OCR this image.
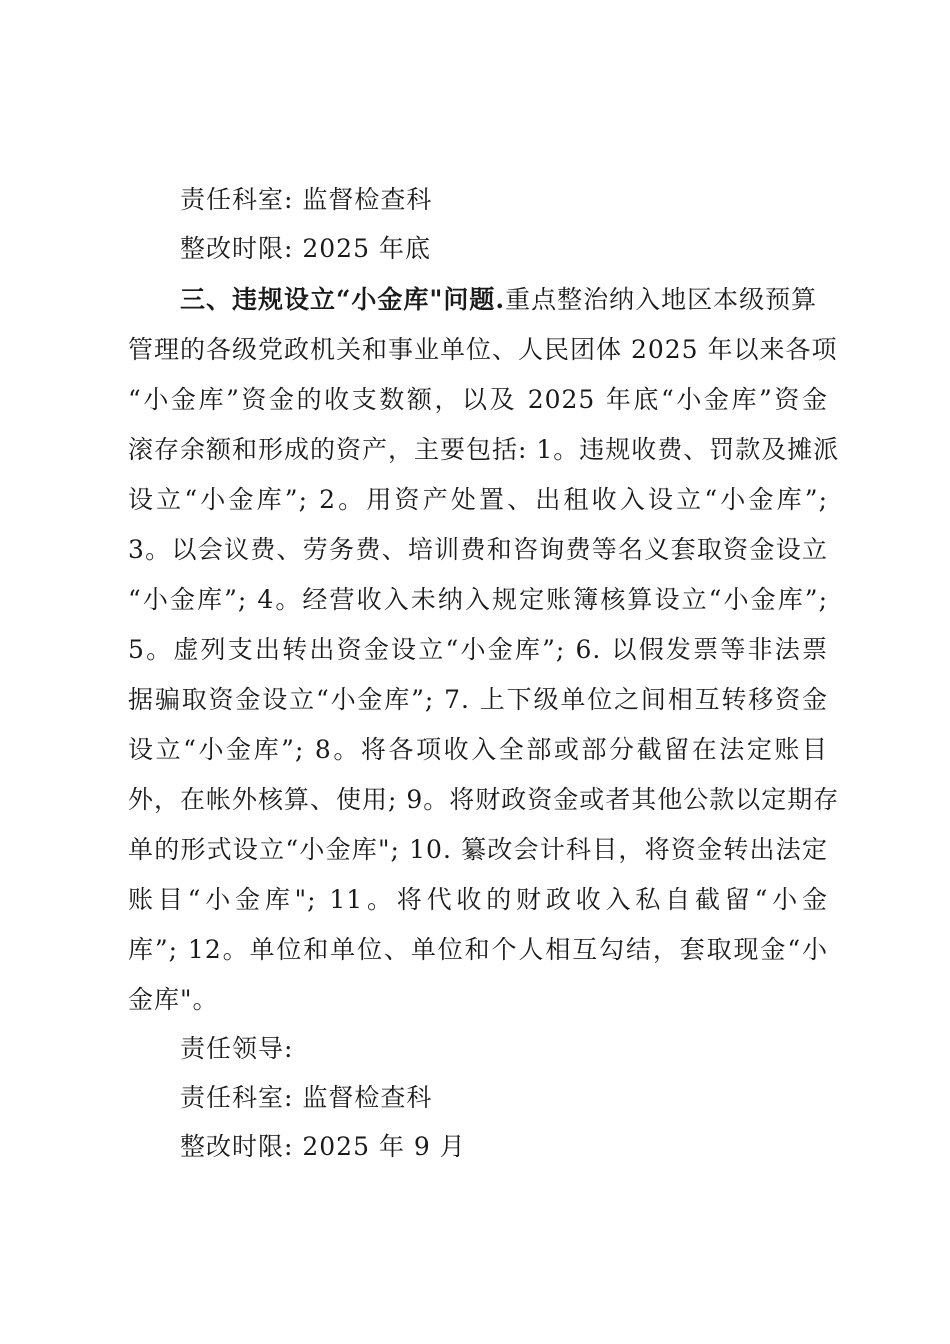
责任科室: 监督检查科
整改时限: 2025 年底
三、违规设立“小金库"问题.重点整治纳入地区本级预算
管理的各级党政机关和事业单位、人民团体 2025 年以来各项
“小金库”资金的收支数额，以及 2025 年底“小金库”资金
滚存余额和形成的资产，主要包括: 1。违规收费、罚款及摊派
设立“小金库”; 2。用资产处置、出租收入设立“小金库”;
3。以会议费、劳务费、培训费和咨询费等名义套取资金设立
“小金库”; 4。经营收入未纳入规定账簿核算设立“小金库”;
5。虚列支出转出资金设立“小金库”; 6. 以假发票等非法票
据骗取资金设立“小金库”; 7. 上下级单位之间相互转移资金
设立“小金库”; 8。将各项收入全部或部分截留在法定账目
外，在帐外核算、使用; 9。将财政资金或者其他公款以定期存
单的形式设立“小金库"; 10. 纂改会计科目，将资金转出法定
账目“小金库"; 11。将代收的财政收入私自截留“小金
库”; 12。单位和单位、单位和个人相互勾结，套取现金“小
金库"。
责任领导:
责任科室: 监督检查科
整改时限: 2025 年 9 月
